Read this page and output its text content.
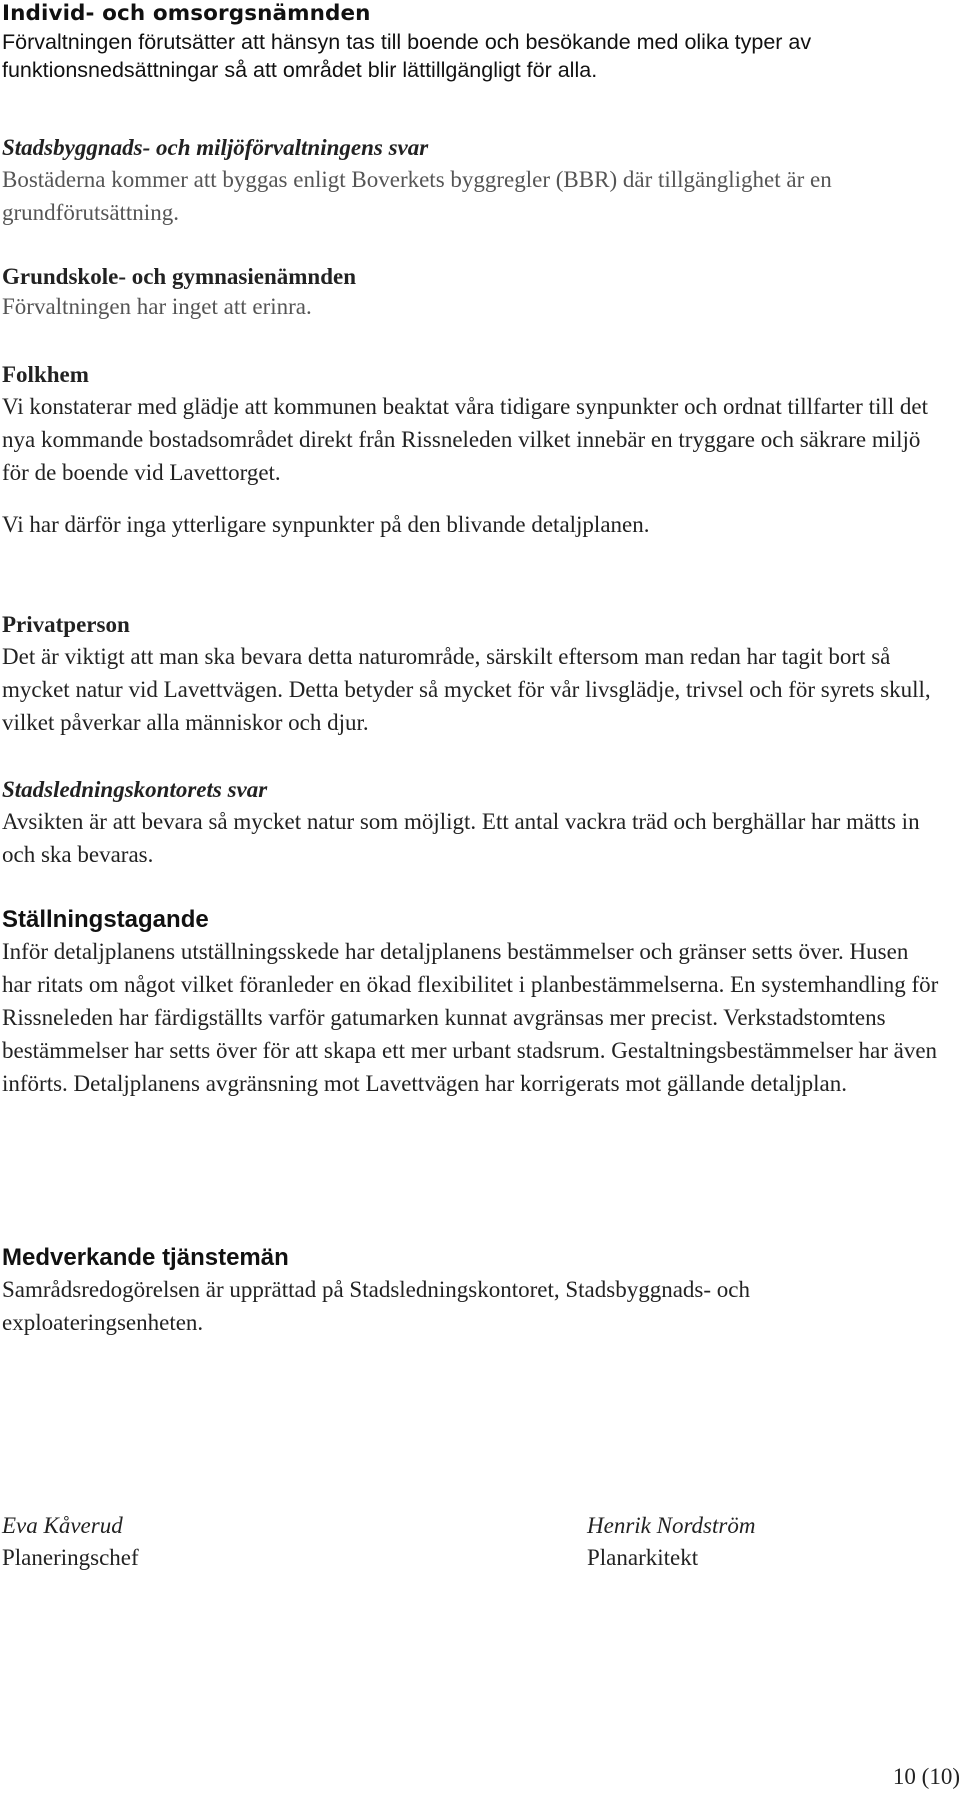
Individ- och omsorgsnämnden

Förvaltningen förutsätter att hänsyn tas till boende och besökande med olika typer av funktionsnedsättningar så att området blir lättillgängligt för alla.

Stadsbyggnads- och miljöförvaltningens svar

Bostäderna kommer att byggas enligt Boverkets byggregler (BBR) där tillgänglighet är en grundförutsättning.

Grundskole- och gymnasienämnden

Förvaltningen har inget att erinra.

Folkhem

Vi konstaterar med glädje att kommunen beaktat våra tidigare synpunkter och ordnat tillfarter till det nya kommande bostadsområdet direkt från Rissneleden vilket innebär en tryggare och säkrare miljö för de boende vid Lavettorget.

Vi har därför inga ytterligare synpunkter på den blivande detaljplanen.

Privatperson

Det är viktigt att man ska bevara detta naturområde, särskilt eftersom man redan har tagit bort så mycket natur vid Lavettvägen. Detta betyder så mycket för vår livsglädje, trivsel och för syrets skull, vilket påverkar alla människor och djur.

Stadsledningskontorets svar

Avsikten är att bevara så mycket natur som möjligt. Ett antal vackra träd och berghällar har mätts in och ska bevaras.

Ställningstagande

Inför detaljplanens utställningsskede har detaljplanens bestämmelser och gränser setts över. Husen har ritats om något vilket föranleder en ökad flexibilitet i planbestämmelserna. En systemhandling för Rissneleden har färdigställts varför gatumarken kunnat avgränsas mer precist. Verkstadstomtens bestämmelser har setts över för att skapa ett mer urbant stadsrum. Gestaltningsbestämmelser har även införts. Detaljplanens avgränsning mot Lavettvägen har korrigerats mot gällande detaljplan.

Medverkande tjänstemän

Samrådsredogörelsen är upprättad på Stadsledningskontoret, Stadsbyggnads- och exploateringsenheten.

Eva Kåverud
Planeringschef
Henrik Nordström
Planarkitekt
10 (10)
